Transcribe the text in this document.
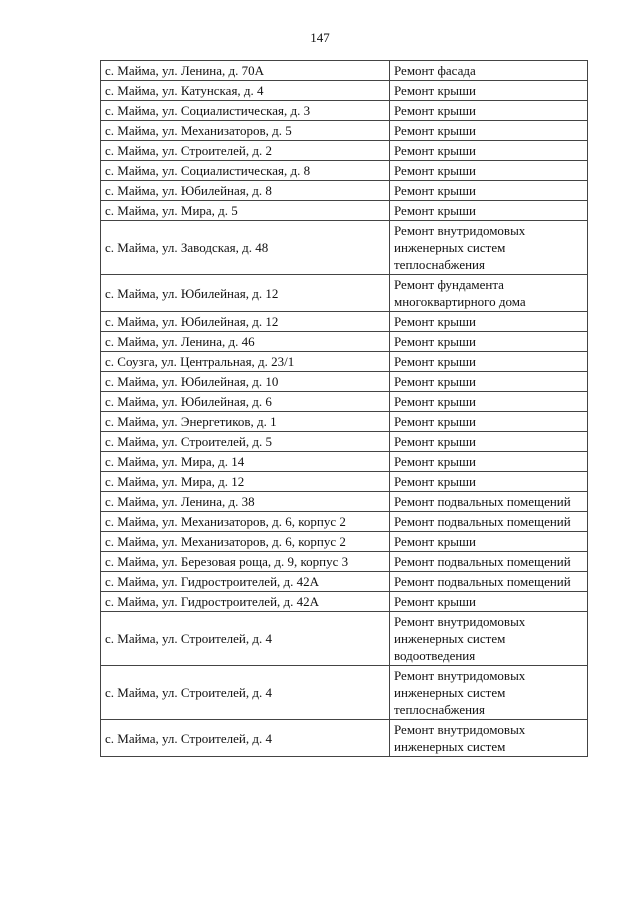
147
с. Майма, ул. Ленина, д. 70А	Ремонт фасада
с. Майма, ул. Катунская, д. 4	Ремонт крыши
с. Майма, ул. Социалистическая, д. 3	Ремонт крыши
с. Майма, ул. Механизаторов, д. 5	Ремонт крыши
с. Майма, ул. Строителей, д. 2	Ремонт крыши
с. Майма, ул. Социалистическая, д. 8	Ремонт крыши
с. Майма, ул. Юбилейная, д. 8	Ремонт крыши
с. Майма, ул. Мира, д. 5	Ремонт крыши
с. Майма, ул. Заводская, д. 48	Ремонт внутридомовых инженерных систем теплоснабжения
с. Майма, ул. Юбилейная, д. 12	Ремонт фундамента многоквартирного дома
с. Майма, ул. Юбилейная, д. 12	Ремонт крыши
с. Майма, ул. Ленина, д. 46	Ремонт крыши
с. Соузга, ул. Центральная, д. 23/1	Ремонт крыши
с. Майма, ул. Юбилейная, д. 10	Ремонт крыши
с. Майма, ул. Юбилейная, д. 6	Ремонт крыши
с. Майма, ул. Энергетиков, д. 1	Ремонт крыши
с. Майма, ул. Строителей, д. 5	Ремонт крыши
с. Майма, ул. Мира, д. 14	Ремонт крыши
с. Майма, ул. Мира, д. 12	Ремонт крыши
с. Майма, ул. Ленина, д. 38	Ремонт подвальных помещений
с. Майма, ул. Механизаторов, д. 6, корпус 2	Ремонт подвальных помещений
с. Майма, ул. Механизаторов, д. 6, корпус 2	Ремонт крыши
с. Майма, ул. Березовая роща, д. 9, корпус 3	Ремонт подвальных помещений
с. Майма, ул. Гидростроителей, д. 42А	Ремонт подвальных помещений
с. Майма, ул. Гидростроителей, д. 42А	Ремонт крыши
с. Майма, ул. Строителей, д. 4	Ремонт внутридомовых инженерных систем водоотведения
с. Майма, ул. Строителей, д. 4	Ремонт внутридомовых инженерных систем теплоснабжения
с. Майма, ул. Строителей, д. 4	Ремонт внутридомовых инженерных систем
